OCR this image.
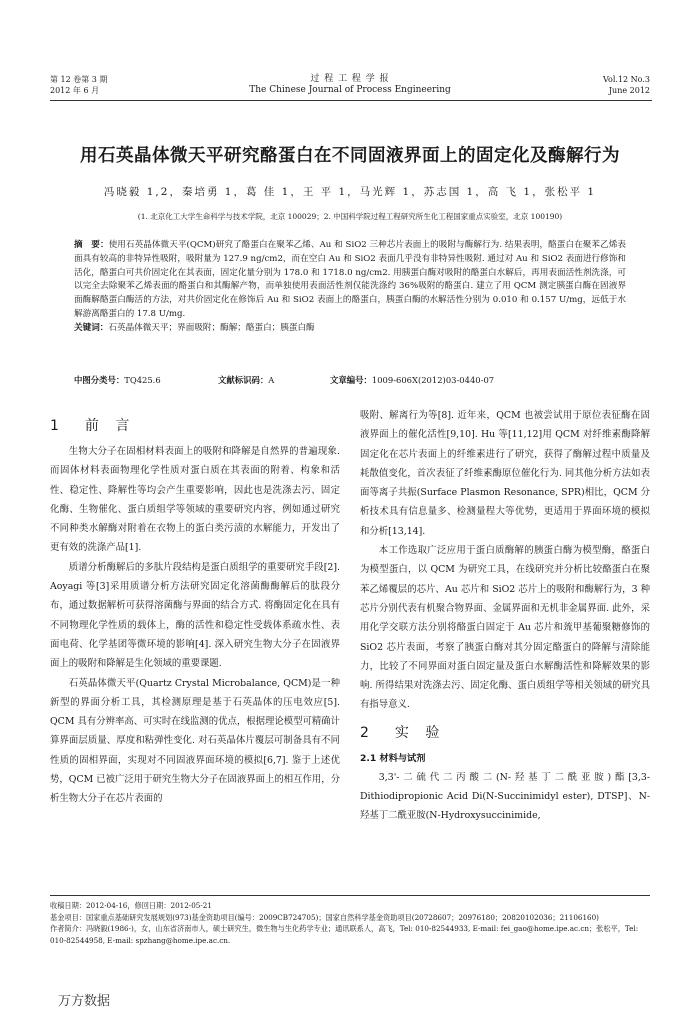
第 12 卷第 3 期
2012 年 6 月
过 程 工 程 学 报
The Chinese Journal of Process Engineering
Vol.12 No.3
June 2012
用石英晶体微天平研究酪蛋白在不同固液界面上的固定化及酶解行为
冯晓毅 1,2，秦培勇 1，葛 佳 1，王 平 1，马光辉 1，苏志国 1，高 飞 1，张松平 1
(1. 北京化工大学生命科学与技术学院，北京 100029；2. 中国科学院过程工程研究所生化工程国家重点实验室，北京 100190)
摘　要：使用石英晶体微天平(QCM)研究了酪蛋白在聚苯乙烯、Au 和 SiO2 三种芯片表面上的吸附与酶解行为. 结果表明，酪蛋白在聚苯乙烯表面具有较高的非特异性吸附，吸附量为 127.9 ng/cm2，而在空白 Au 和 SiO2 表面几乎没有非特异性吸附. 通过对 Au 和 SiO2 表面进行修饰和活化，酪蛋白可共价固定化在其表面，固定化量分别为 178.0 和 1718.0 ng/cm2. 用胰蛋白酶对吸附的酪蛋白水解后，再用表面活性剂洗涤，可以完全去除聚苯乙烯表面的酪蛋白和其酶解产物，而单独使用表面活性剂仅能洗涤约 36%吸附的酪蛋白. 建立了用 QCM 测定胰蛋白酶在固液界面酶解酪蛋白酶活的方法，对共价固定化在修饰后 Au 和 SiO2 表面上的酪蛋白，胰蛋白酶的水解活性分别为 0.010 和 0.157 U/mg，远低于水解游离酪蛋白的 17.8 U/mg.
关键词：石英晶体微天平；界面吸附；酶解；酪蛋白；胰蛋白酶
中图分类号：TQ425.6	文献标识码：A	文章编号：1009-606X(2012)03-0440-07
1　前 言

生物大分子在固相材料表面上的吸附和降解是自然界的普遍现象. 而固体材料表面物理化学性质对蛋白质在其表面的附着、构象和活性、稳定性、降解性等均会产生重要影响，因此也是洗涤去污、固定化酶、生物催化、蛋白质组学等领域的重要研究内容，例如通过研究不同种类水解酶对附着在衣物上的蛋白类污渍的水解能力，开发出了更有效的洗涤产品[1].

质谱分析酶解后的多肽片段结构是蛋白质组学的重要研究手段[2]. Aoyagi 等[3]采用质谱分析方法研究固定化溶菌酶酶解后的肽段分布，通过数据解析可获得溶菌酶与界面的结合方式. 将酶固定化在具有不同物理化学性质的载体上，酶的活性和稳定性受载体系疏水性、表面电荷、化学基团等微环境的影响[4]. 深入研究生物大分子在固液界面上的吸附和降解是生化领域的重要课题.

石英晶体微天平(Quartz Crystal Microbalance, QCM)是一种新型的界面分析工具，其检测原理是基于石英晶体的压电效应[5]. QCM 具有分辨率高、可实时在线监测的优点，根据理论模型可精确计算界面层质量、厚度和粘弹性变化. 对石英晶体片覆层可制备具有不同性质的固相界面，实现对不同固液界面环境的模拟[6,7]. 鉴于上述优势，QCM 已被广泛用于研究生物大分子在固液界面上的相互作用，分析生物大分子在芯片表面的

吸附、解离行为等[8]. 近年来，QCM 也被尝试用于原位表征酶在固液界面上的催化活性[9,10]. Hu 等[11,12]用 QCM 对纤维素酶降解固定化在芯片表面上的纤维素进行了研究，获得了酶解过程中质量及耗散值变化，首次表征了纤维素酶原位催化行为. 同其他分析方法如表面等离子共振(Surface Plasmon Resonance, SPR)相比，QCM 分析技术具有信息量多、检测量程大等优势，更适用于界面环境的模拟和分析[13,14].

本工作选取广泛应用于蛋白质酶解的胰蛋白酶为模型酶，酪蛋白为模型蛋白，以 QCM 为研究工具，在线研究并分析比较酪蛋白在聚苯乙烯覆层的芯片、Au 芯片和 SiO2 芯片上的吸附和酶解行为，3 种芯片分别代表有机聚合物界面、金属界面和无机非金属界面. 此外，采用化学交联方法分别将酪蛋白固定于 Au 芯片和巯甲基葡聚糖修饰的 SiO2 芯片表面，考察了胰蛋白酶对其分固定酪蛋白的降解与清除能力，比较了不同界面对蛋白固定量及蛋白水解酶活性和降解效果的影响. 所得结果对洗涤去污、固定化酶、蛋白质组学等相关领域的研究具有指导意义.

2　实 验
2.1 材料与试剂

3,3'-二硫代二丙酸二(N-羟基丁二酰亚胺)酯[3,3-Dithiodipropionic Acid Di(N-Succinimidyl ester), DTSP]、N-羟基丁二酰亚胺(N-Hydroxysuccinimide,

收稿日期：2012-04-16，修回日期：2012-05-21
基金项目：国家重点基础研究发展规划(973)基金资助项目(编号：2009CB724705)；国家自然科学基金资助项目(20728607；20976180；20820102036；21106160)
作者简介：冯晓毅(1986-)，女，山东省济南市人，硕士研究生，微生物与生化药学专业；通讯联系人，高飞，Tel: 010-82544933, E-mail: fei_gao@home.ipe.ac.cn；张松平，Tel: 010-82544958, E-mail: spzhang@home.ipe.ac.cn.
万方数据
